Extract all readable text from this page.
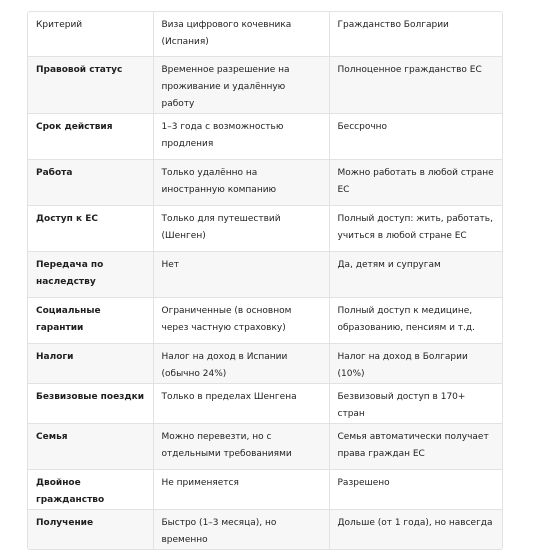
Критерий	Виза цифрового кочевника (Испания)	Гражданство Болгарии
Правовой статус	Временное разрешение на проживание и удалённую работу	Полноценное гражданство ЕС
Срок действия	1–3 года с возможностью продления	Бессрочно
Работа	Только удалённо на иностранную компанию	Можно работать в любой стране ЕС
Доступ к ЕС	Только для путешествий (Шенген)	Полный доступ: жить, работать, учиться в любой стране ЕС
Передача по наследству	Нет	Да, детям и супругам
Социальные гарантии	Ограниченные (в основном через частную страховку)	Полный доступ к медицине, образованию, пенсиям и т.д.
Налоги	Налог на доход в Испании (обычно 24%)	Налог на доход в Болгарии (10%)
Безвизовые поездки	Только в пределах Шенгена	Безвизовый доступ в 170+ стран
Семья	Можно перевезти, но с отдельными требованиями	Семья автоматически получает права граждан ЕС
Двойное гражданство	Не применяется	Разрешено
Получение	Быстро (1–3 месяца), но временно	Дольше (от 1 года), но навсегда
